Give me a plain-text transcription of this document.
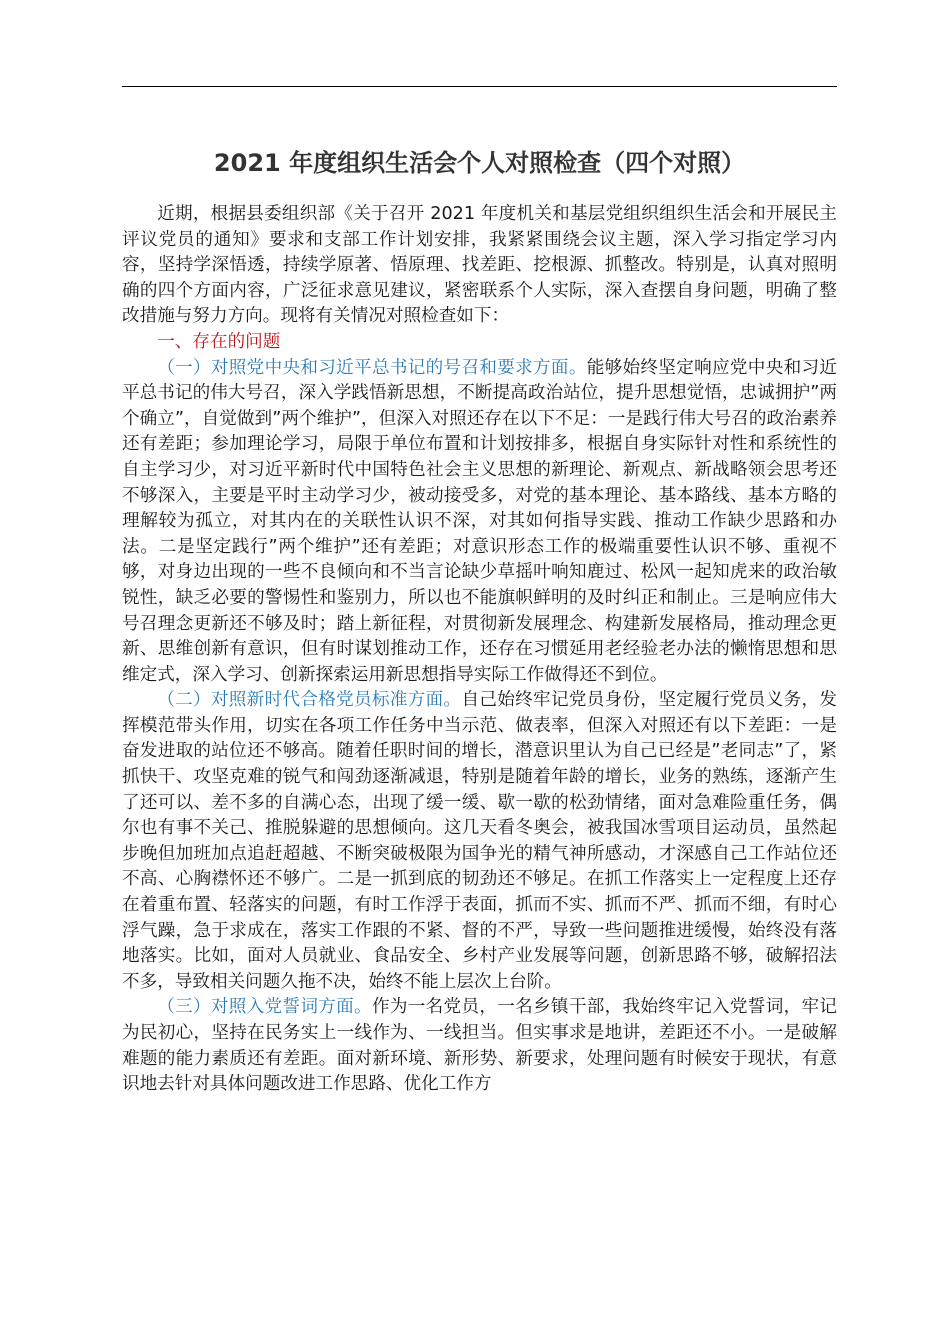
2021 年度组织生活会个人对照检查（四个对照）

近期，根据县委组织部《关于召开 2021 年度机关和基层党组织组织生活会和开展民主评议党员的通知》要求和支部工作计划安排，我紧紧围绕会议主题，深入学习指定学习内容，坚持学深悟透，持续学原著、悟原理、找差距、挖根源、抓整改。特别是，认真对照明确的四个方面内容，广泛征求意见建议，紧密联系个人实际，深入查摆自身问题，明确了整改措施与努力方向。现将有关情况对照检查如下：

一、存在的问题

（一）对照党中央和习近平总书记的号召和要求方面。能够始终坚定响应党中央和习近平总书记的伟大号召，深入学践悟新思想，不断提高政治站位，提升思想觉悟，忠诚拥护”两个确立”，自觉做到”两个维护”，但深入对照还存在以下不足：一是践行伟大号召的政治素养还有差距；参加理论学习，局限于单位布置和计划按排多，根据自身实际针对性和系统性的自主学习少，对习近平新时代中国特色社会主义思想的新理论、新观点、新战略领会思考还不够深入，主要是平时主动学习少，被动接受多，对党的基本理论、基本路线、基本方略的理解较为孤立，对其内在的关联性认识不深，对其如何指导实践、推动工作缺少思路和办法。二是坚定践行”两个维护”还有差距；对意识形态工作的极端重要性认识不够、重视不够，对身边出现的一些不良倾向和不当言论缺少草摇叶响知鹿过、松风一起知虎来的政治敏锐性，缺乏必要的警惕性和鉴别力，所以也不能旗帜鲜明的及时纠正和制止。三是响应伟大号召理念更新还不够及时；踏上新征程，对贯彻新发展理念、构建新发展格局，推动理念更新、思维创新有意识，但有时谋划推动工作，还存在习惯延用老经验老办法的懒惰思想和思维定式，深入学习、创新探索运用新思想指导实际工作做得还不到位。

（二）对照新时代合格党员标准方面。自己始终牢记党员身份，坚定履行党员义务，发挥模范带头作用，切实在各项工作任务中当示范、做表率，但深入对照还有以下差距：一是奋发进取的站位还不够高。随着任职时间的增长，潜意识里认为自己已经是”老同志”了，紧抓快干、攻坚克难的锐气和闯劲逐渐减退，特别是随着年龄的增长，业务的熟练，逐渐产生了还可以、差不多的自满心态，出现了缓一缓、歇一歇的松劲情绪，面对急难险重任务，偶尔也有事不关己、推脱躲避的思想倾向。这几天看冬奥会，被我国冰雪项目运动员，虽然起步晚但加班加点追赶超越、不断突破极限为国争光的精气神所感动，才深感自己工作站位还不高、心胸襟怀还不够广。二是一抓到底的韧劲还不够足。在抓工作落实上一定程度上还存在着重布置、轻落实的问题，有时工作浮于表面，抓而不实、抓而不严、抓而不细，有时心浮气躁，急于求成在，落实工作跟的不紧、督的不严，导致一些问题推进缓慢，始终没有落地落实。比如，面对人员就业、食品安全、乡村产业发展等问题，创新思路不够，破解招法不多，导致相关问题久拖不决，始终不能上层次上台阶。

（三）对照入党誓词方面。作为一名党员，一名乡镇干部，我始终牢记入党誓词，牢记为民初心，坚持在民务实上一线作为、一线担当。但实事求是地讲，差距还不小。一是破解难题的能力素质还有差距。面对新环境、新形势、新要求，处理问题有时候安于现状，有意识地去针对具体问题改进工作思路、优化工作方
